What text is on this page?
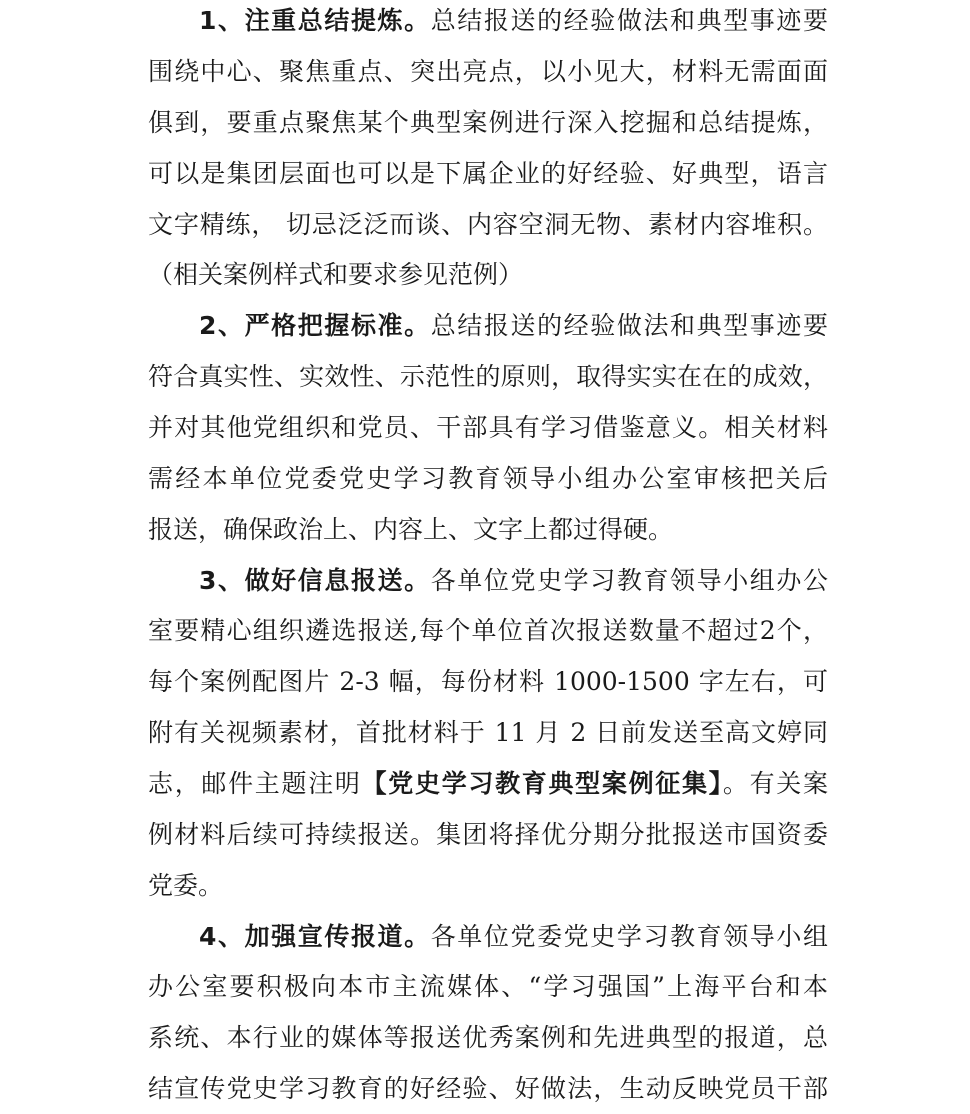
1、注重总结提炼。总结报送的经验做法和典型事迹要
围绕中心、聚焦重点、突出亮点，以小见大，材料无需面面
俱到，要重点聚焦某个典型案例进行深入挖掘和总结提炼，
可以是集团层面也可以是下属企业的好经验、好典型，语言
文字精练， 切忌泛泛而谈、内容空洞无物、素材内容堆积。
（相关案例样式和要求参见范例）
2、严格把握标准。总结报送的经验做法和典型事迹要
符合真实性、实效性、示范性的原则，取得实实在在的成效，
并对其他党组织和党员、干部具有学习借鉴意义。相关材料
需经本单位党委党史学习教育领导小组办公室审核把关后
报送，确保政治上、内容上、文字上都过得硬。
3、做好信息报送。各单位党史学习教育领导小组办公
室要精心组织遴选报送,每个单位首次报送数量不超过2个，
每个案例配图片 2-3 幅，每份材料 1000-1500 字左右，可
附有关视频素材，首批材料于 11 月 2 日前发送至高文婷同
志，邮件主题注明【党史学习教育典型案例征集】。有关案
例材料后续可持续报送。集团将择优分期分批报送市国资委
党委。
4、加强宣传报道。各单位党委党史学习教育领导小组
办公室要积极向本市主流媒体、“学习强国”上海平台和本
系统、本行业的媒体等报送优秀案例和先进典型的报道，总
结宣传党史学习教育的好经验、好做法，生动反映党员干部
